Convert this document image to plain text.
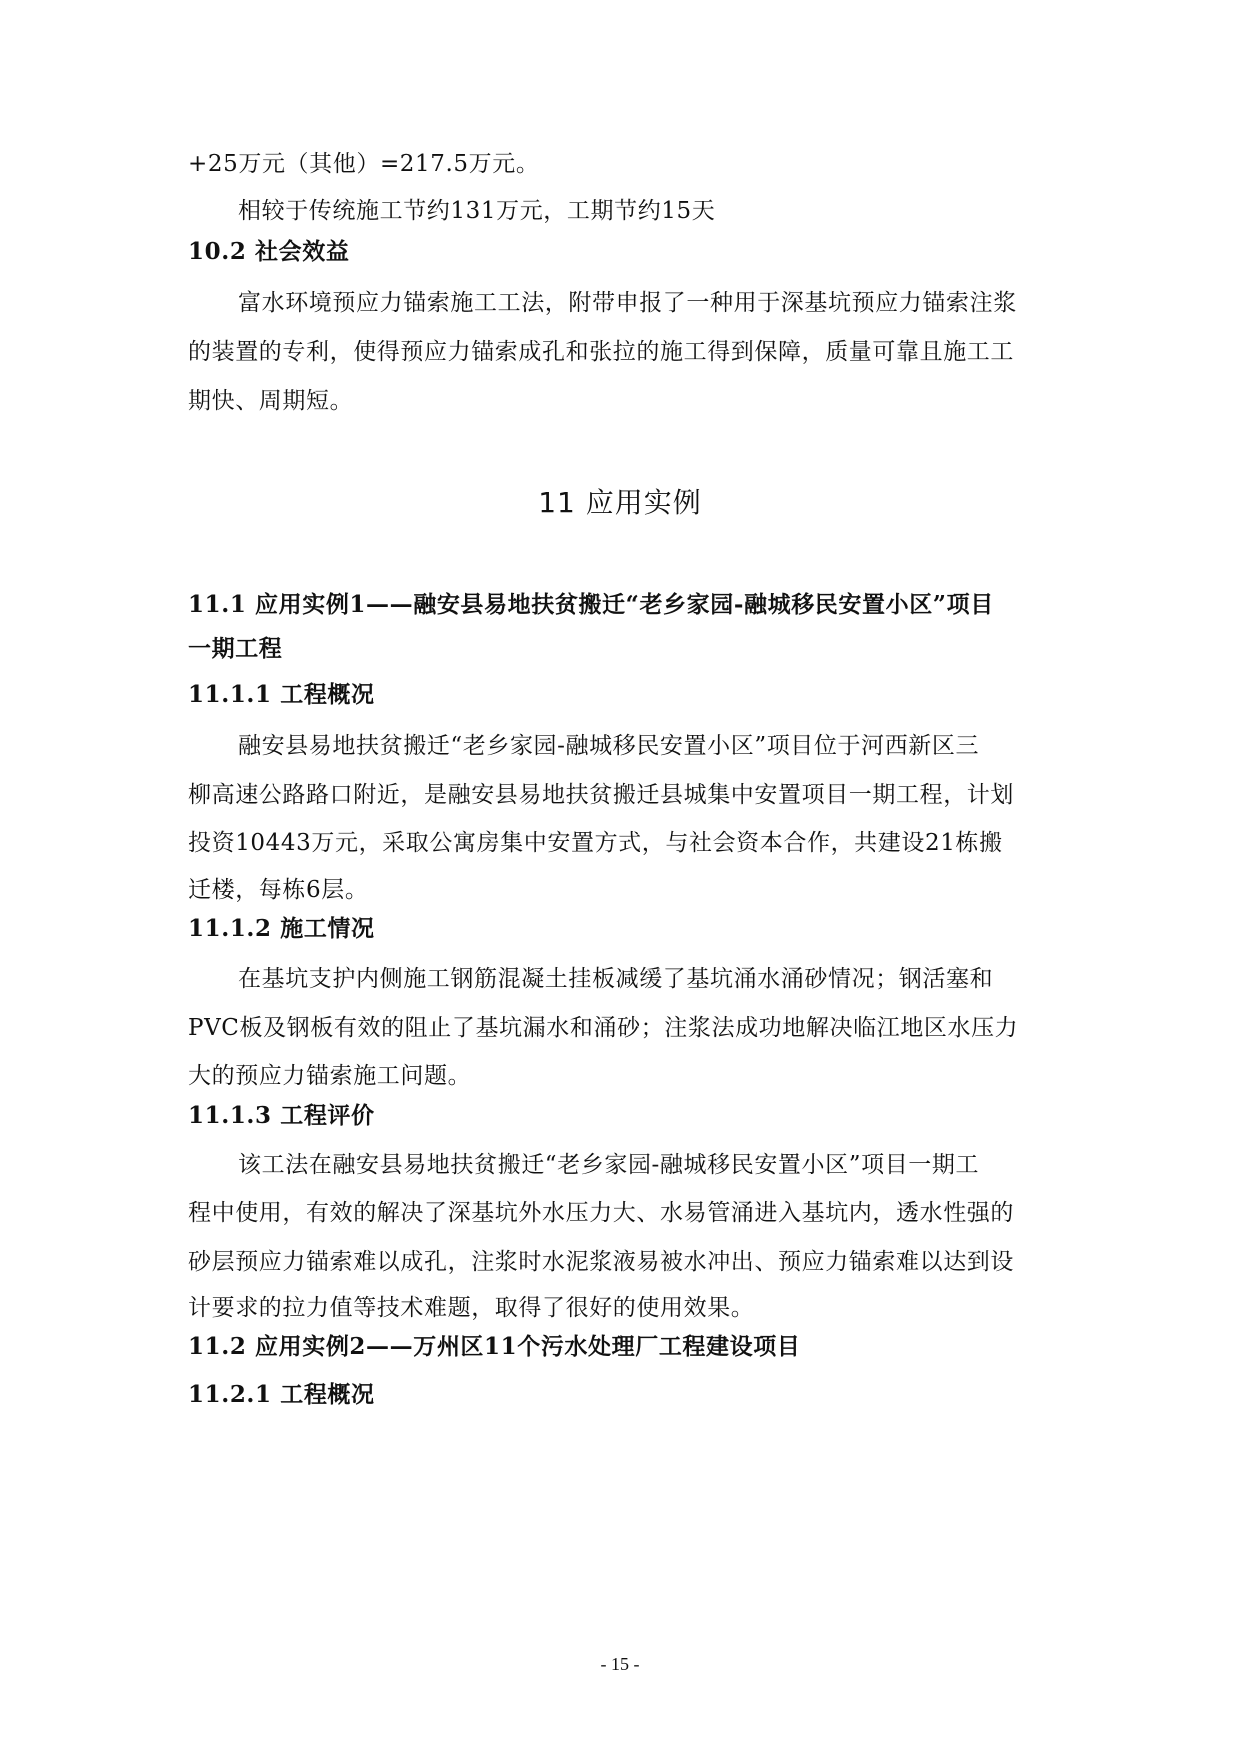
+25万元（其他）=217.5万元。
相较于传统施工节约131万元，工期节约15天
10.2 社会效益
富水环境预应力锚索施工工法，附带申报了一种用于深基坑预应力锚索注浆
的装置的专利，使得预应力锚索成孔和张拉的施工得到保障，质量可靠且施工工
期快、周期短。
11 应用实例
11.1 应用实例1——融安县易地扶贫搬迁“老乡家园-融城移民安置小区”项目
一期工程
11.1.1 工程概况
融安县易地扶贫搬迁“老乡家园-融城移民安置小区”项目位于河西新区三
柳高速公路路口附近，是融安县易地扶贫搬迁县城集中安置项目一期工程，计划
投资10443万元，采取公寓房集中安置方式，与社会资本合作，共建设21栋搬
迁楼，每栋6层。
11.1.2 施工情况
在基坑支护内侧施工钢筋混凝土挂板减缓了基坑涌水涌砂情况；钢活塞和
PVC板及钢板有效的阻止了基坑漏水和涌砂；注浆法成功地解决临江地区水压力
大的预应力锚索施工问题。
11.1.3 工程评价
该工法在融安县易地扶贫搬迁“老乡家园-融城移民安置小区”项目一期工
程中使用，有效的解决了深基坑外水压力大、水易管涌进入基坑内，透水性强的
砂层预应力锚索难以成孔，注浆时水泥浆液易被水冲出、预应力锚索难以达到设
计要求的拉力值等技术难题，取得了很好的使用效果。
11.2 应用实例2——万州区11个污水处理厂工程建设项目
11.2.1 工程概况
- 15 -
